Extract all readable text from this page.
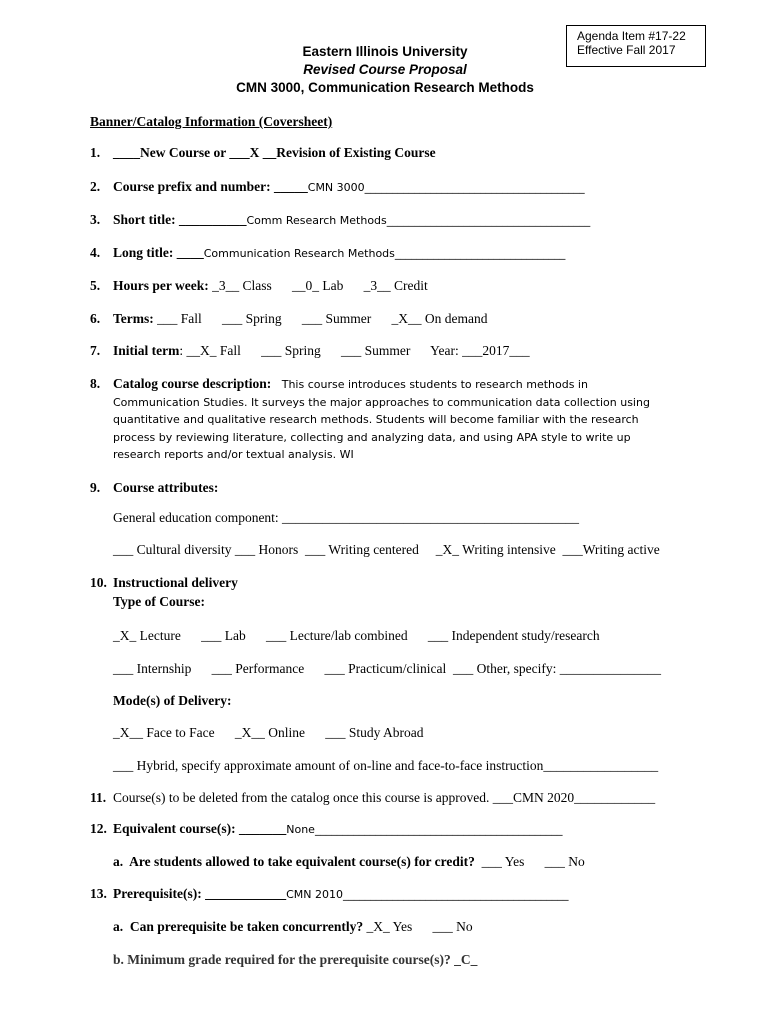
Agenda Item #17-22
Effective Fall 2017
Eastern Illinois University
Revised Course Proposal
CMN 3000, Communication Research Methods
Banner/Catalog Information (Coversheet)
1. ____New Course or ___X __Revision of Existing Course
2. Course prefix and number: _____CMN 3000________________________________________
3. Short title: __________Comm Research Methods_____________________________________
4. Long title: ____Communication Research Methods_______________________________
5. Hours per week: _3__ Class      __0_ Lab      _3__ Credit
6. Terms: ___ Fall      ___ Spring      ___ Summer      _X__ On demand
7. Initial term: __X_ Fall      ___ Spring      ___ Summer      Year: ___2017___
8. Catalog course description: This course introduces students to research methods in Communication Studies. It surveys the major approaches to communication data collection using quantitative and qualitative research methods. Students will become familiar with the research process by reviewing literature, collecting and analyzing data, and using APA style to write up research reports and/or textual analysis. WI
9. Course attributes:
General education component: ____________________________________________
___ Cultural diversity ___ Honors  ___ Writing centered     _X_ Writing intensive  ___Writing active
10. Instructional delivery
Type of Course:
_X_ Lecture      ___ Lab      ___ Lecture/lab combined      ___ Independent study/research
___ Internship      ___ Performance      ___ Practicum/clinical  ___ Other, specify: _______________
Mode(s) of Delivery:
_X__ Face to Face      _X__ Online      ___ Study Abroad
___ Hybrid, specify approximate amount of on-line and face-to-face instruction_________________
11. Course(s) to be deleted from the catalog once this course is approved. ___CMN 2020____________
12. Equivalent course(s): _______None_____________________________________________
a.  Are students allowed to take equivalent course(s) for credit?  ___ Yes      ___ No
13. Prerequisite(s): ____________CMN 2010_________________________________________
a.  Can prerequisite be taken concurrently? _X_ Yes      ___ No
b. Minimum grade required for the prerequisite course(s)? _C_
